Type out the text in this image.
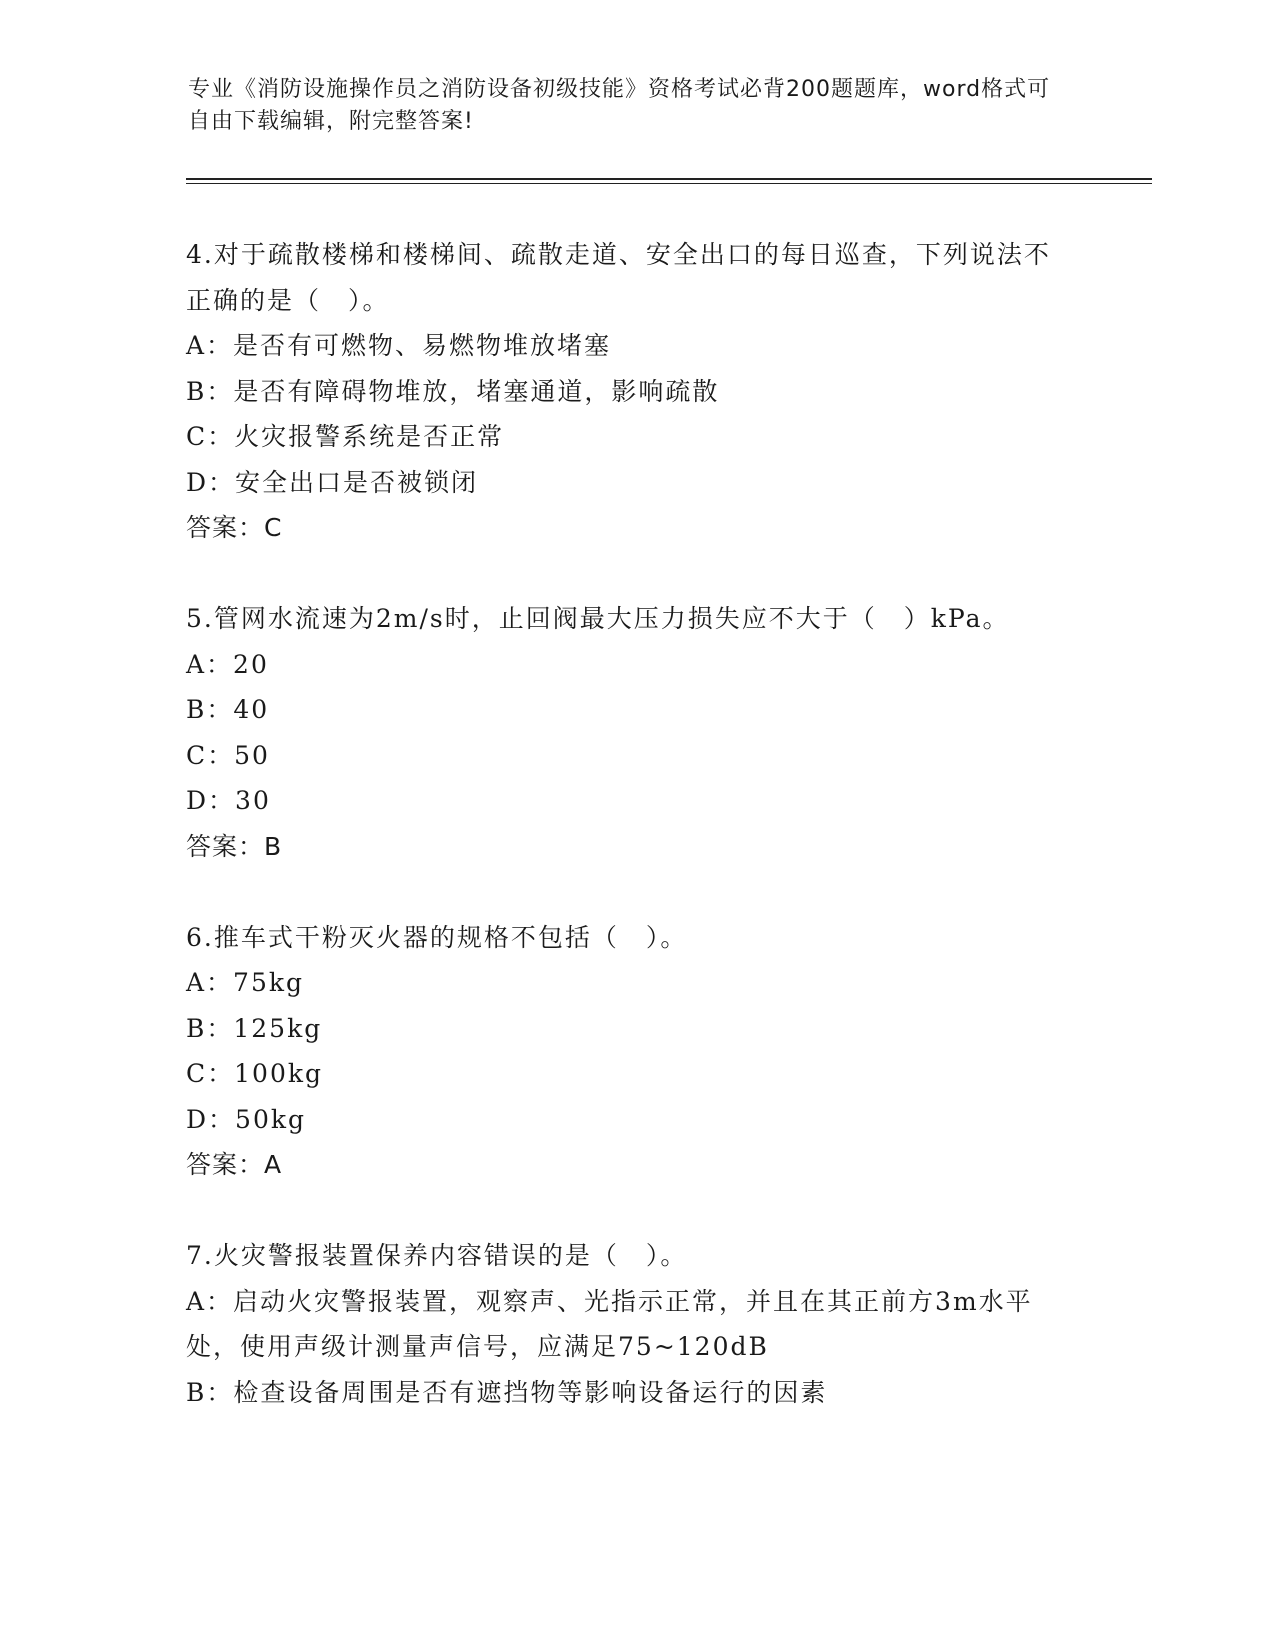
专业《消防设施操作员之消防设备初级技能》资格考试必背200题题库，word格式可自由下载编辑，附完整答案!
4.对于疏散楼梯和楼梯间、疏散走道、安全出口的每日巡查，下列说法不正确的是（　）。
A：是否有可燃物、易燃物堆放堵塞
B：是否有障碍物堆放，堵塞通道，影响疏散
C：火灾报警系统是否正常
D：安全出口是否被锁闭
答案：C
5.管网水流速为2m/s时，止回阀最大压力损失应不大于（　）kPa。
A：20
B：40
C：50
D：30
答案：B
6.推车式干粉灭火器的规格不包括（　）。
A：75kg
B：125kg
C：100kg
D：50kg
答案：A
7.火灾警报装置保养内容错误的是（　）。
A：启动火灾警报装置，观察声、光指示正常，并且在其正前方3m水平处，使用声级计测量声信号，应满足75~120dB
B：检查设备周围是否有遮挡物等影响设备运行的因素
